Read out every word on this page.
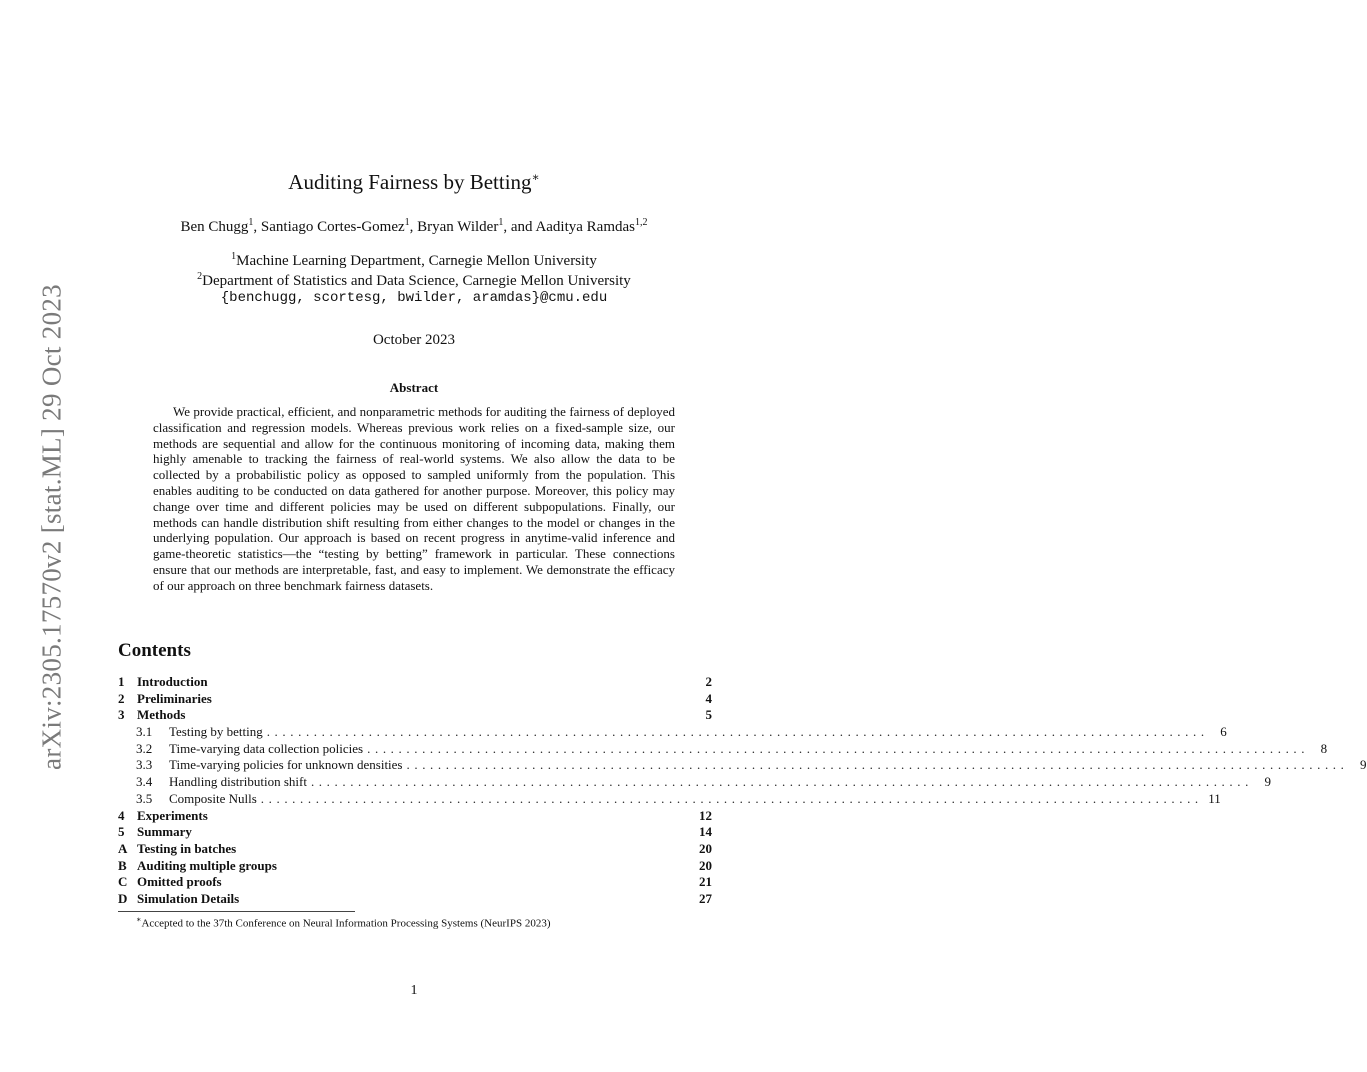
arXiv:2305.17570v2 [stat.ML] 29 Oct 2023
Auditing Fairness by Betting∗
Ben Chugg$^1$, Santiago Cortes-Gomez$^1$, Bryan Wilder$^1$, and Aaditya Ramdas$^{1,2}$
$^1$Machine Learning Department, Carnegie Mellon University
$^2$Department of Statistics and Data Science, Carnegie Mellon University
{benchugg, scortesg, bwilder, aramdas}@cmu.edu
October 2023
Abstract
We provide practical, efficient, and nonparametric methods for auditing the fairness of deployed classification and regression models. Whereas previous work relies on a fixed-sample size, our methods are sequential and allow for the continuous monitoring of incoming data, making them highly amenable to tracking the fairness of real-world systems. We also allow the data to be collected by a probabilistic policy as opposed to sampled uniformly from the population. This enables auditing to be conducted on data gathered for another purpose. Moreover, this policy may change over time and different policies may be used on different subpopulations. Finally, our methods can handle distribution shift resulting from either changes to the model or changes in the underlying population. Our approach is based on recent progress in anytime-valid inference and game-theoretic statistics—the “testing by betting” framework in particular. These connections ensure that our methods are interpretable, fast, and easy to implement. We demonstrate the efficacy of our approach on three benchmark fairness datasets.
Contents
1 Introduction	2
2 Preliminaries	4
3 Methods	5
3.1	Testing by betting ........................................................................................................................ 6
3.2	Time-varying data collection policies ........................................................................................................................ 8
3.3	Time-varying policies for unknown densities ........................................................................................................................ 9
3.4	Handling distribution shift ........................................................................................................................ 9
3.5	Composite Nulls ........................................................................................................................ 11
4 Experiments	12
5 Summary	14
A Testing in batches	20
B Auditing multiple groups	20
C Omitted proofs	21
D Simulation Details	27
∗Accepted to the 37th Conference on Neural Information Processing Systems (NeurIPS 2023)
1
